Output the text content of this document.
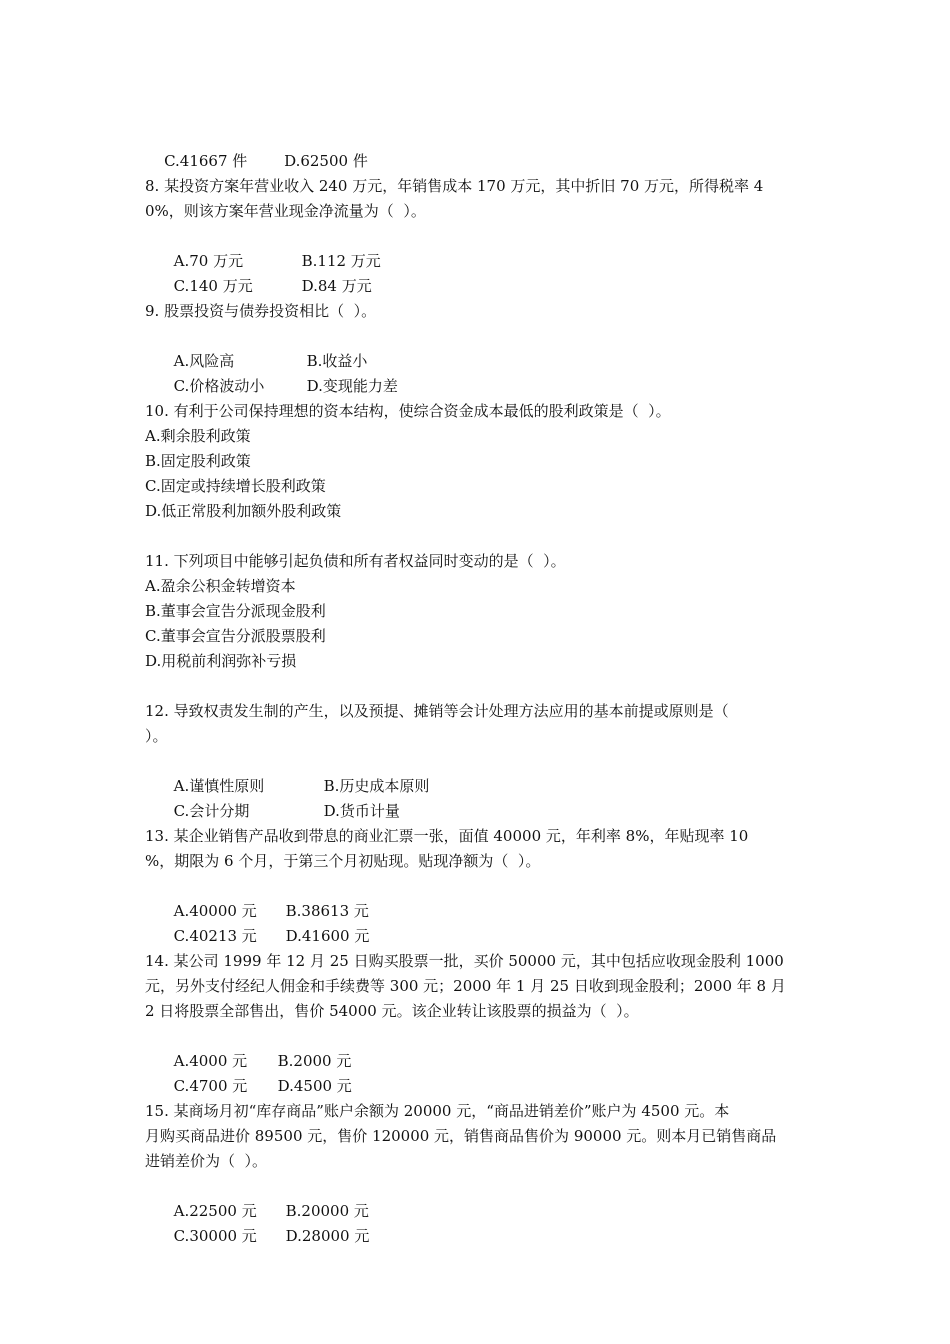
C.41667 件 D.62500 件

8. 某投资方案年营业收入 240 万元，年销售成本 170 万元，其中折旧 70 万元，所得税率 4
0%，则该方案年营业现金净流量为（  ）。

A.70 万元	B.112 万元

C.140 万元	D.84 万元

9. 股票投资与债券投资相比（  ）。

A.风险高	B.收益小

C.价格波动小	D.变现能力差

10. 有利于公司保持理想的资本结构，使综合资金成本最低的股利政策是（  ）。
A.剩余股利政策
B.固定股利政策
C.固定或持续增长股利政策
D.低正常股利加额外股利政策
11. 下列项目中能够引起负债和所有者权益同时变动的是（  ）。
A.盈余公积金转增资本
B.董事会宣告分派现金股利
C.董事会宣告分派股票股利
D.用税前利润弥补亏损
12. 导致权责发生制的产生，以及预提、摊销等会计处理方法应用的基本前提或原则是（
）。

A.谨慎性原则	B.历史成本原则

C.会计分期	D.货币计量

13. 某企业销售产品收到带息的商业汇票一张，面值 40000 元，年利率 8%，年贴现率 10
%，期限为 6 个月，于第三个月初贴现。贴现净额为（  ）。

A.40000 元 B.38613 元

C.40213 元 D.41600 元

14. 某公司 1999 年 12 月 25 日购买股票一批，买价 50000 元，其中包括应收现金股利 1000
元，另外支付经纪人佣金和手续费等 300 元；2000 年 1 月 25 日收到现金股利；2000 年 8 月
2 日将股票全部售出，售价 54000 元。该企业转让该股票的损益为（  ）。

A.4000 元 B.2000 元

C.4700 元 D.4500 元

15. 某商场月初“库存商品”账户余额为 20000 元，“商品进销差价”账户为 4500 元。本
月购买商品进价 89500 元，售价 120000 元，销售商品售价为 90000 元。则本月已销售商品
进销差价为（  ）。

A.22500 元 B.20000 元

C.30000 元 D.28000 元
